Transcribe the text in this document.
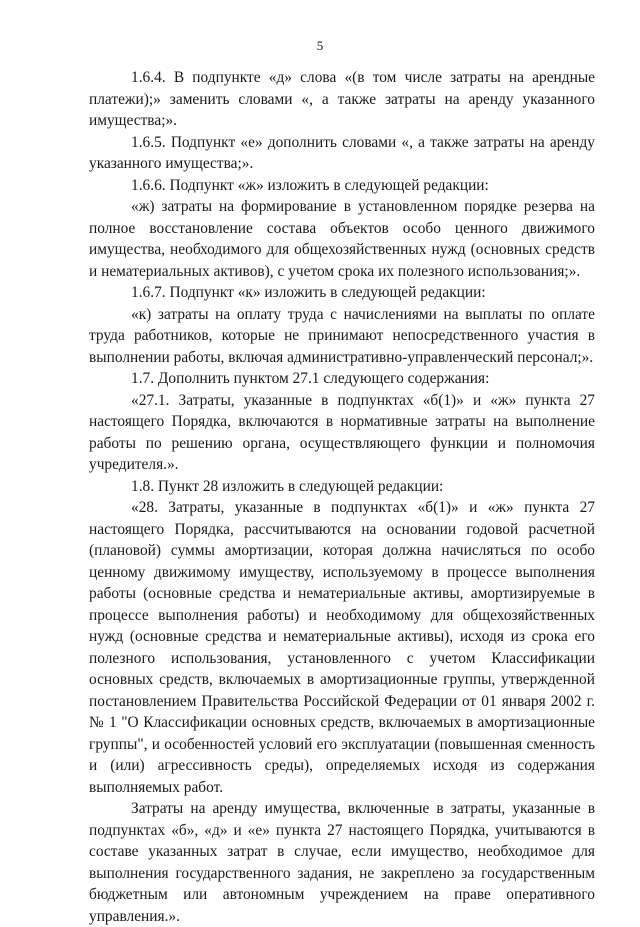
5

1.6.4. В подпункте «д» слова «(в том числе затраты на арендные платежи);» заменить словами «, а также затраты на аренду указанного имущества;».

1.6.5. Подпункт «е» дополнить словами «, а также затраты на аренду указанного имущества;».

1.6.6. Подпункт «ж» изложить в следующей редакции:

«ж) затраты на формирование в установленном порядке резерва на полное восстановление состава объектов особо ценного движимого имущества, необходимого для общехозяйственных нужд (основных средств и нематериальных активов), с учетом срока их полезного использования;».

1.6.7. Подпункт «к» изложить в следующей редакции:

«к) затраты на оплату труда с начислениями на выплаты по оплате труда работников, которые не принимают непосредственного участия в выполнении работы, включая административно-управленческий персонал;».

1.7. Дополнить пунктом 27.1 следующего содержания:

«27.1. Затраты, указанные в подпунктах «б(1)» и «ж» пункта 27 настоящего Порядка, включаются в нормативные затраты на выполнение работы по решению органа, осуществляющего функции и полномочия учредителя.».

1.8. Пункт 28 изложить в следующей редакции:

«28. Затраты, указанные в подпунктах «б(1)» и «ж» пункта 27 настоящего Порядка, рассчитываются на основании годовой расчетной (плановой) суммы амортизации, которая должна начисляться по особо ценному движимому имуществу, используемому в процессе выполнения работы (основные средства и нематериальные активы, амортизируемые в процессе выполнения работы) и необходимому для общехозяйственных нужд (основные средства и нематериальные активы), исходя из срока его полезного использования, установленного с учетом Классификации основных средств, включаемых в амортизационные группы, утвержденной постановлением Правительства Российской Федерации от 01 января 2002 г. № 1 "О Классификации основных средств, включаемых в амортизационные группы", и особенностей условий его эксплуатации (повышенная сменность и (или) агрессивность среды), определяемых исходя из содержания выполняемых работ.

Затраты на аренду имущества, включенные в затраты, указанные в подпунктах «б», «д» и «е» пункта 27 настоящего Порядка, учитываются в составе указанных затрат в случае, если имущество, необходимое для выполнения государственного задания, не закреплено за государственным бюджетным или автономным учреждением на праве оперативного управления.».
